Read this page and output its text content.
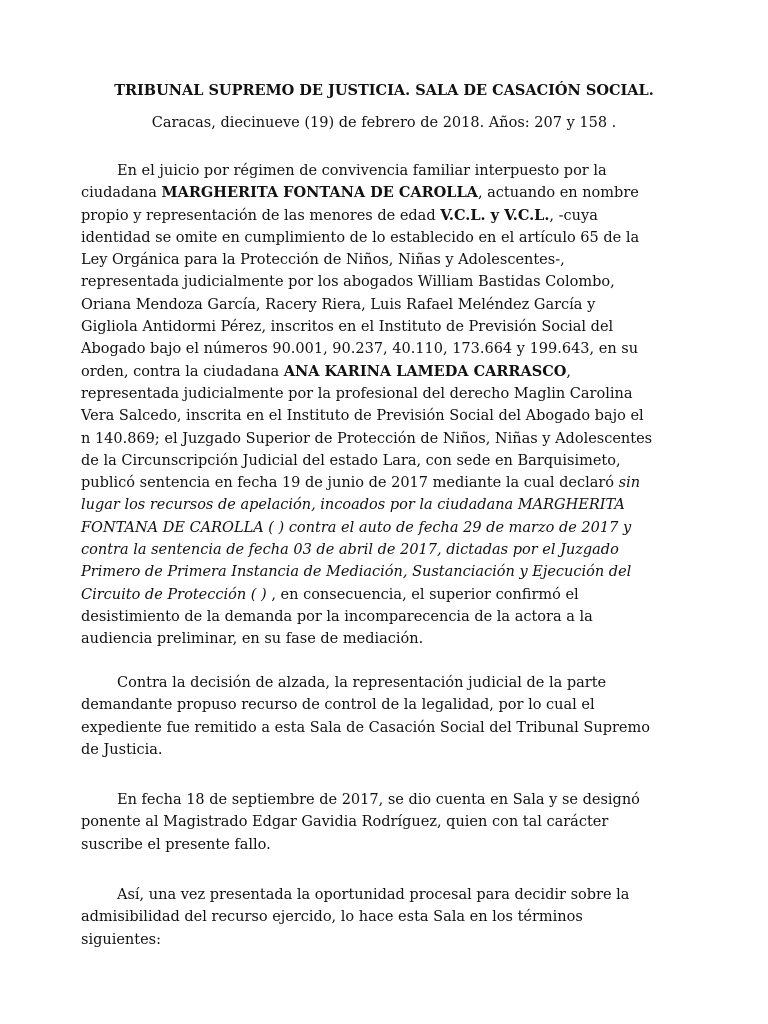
TRIBUNAL SUPREMO DE JUSTICIA. SALA DE CASACIÓN SOCIAL.
Caracas, diecinueve (19) de febrero de 2018. Años: 207 y 158 .
En el juicio por régimen de convivencia familiar interpuesto por la
ciudadana MARGHERITA FONTANA DE CAROLLA, actuando en nombre
propio y representación de las menores de edad V.C.L. y V.C.L., -cuya
identidad se omite en cumplimiento de lo establecido en el artículo 65 de la
Ley Orgánica para la Protección de Niños, Niñas y Adolescentes-,
representada judicialmente por los abogados William Bastidas Colombo,
Oriana Mendoza García, Racery Riera, Luis Rafael Meléndez García y
Gigliola Antidormi Pérez, inscritos en el Instituto de Previsión Social del
Abogado bajo el números 90.001, 90.237, 40.110, 173.664 y 199.643, en su
orden, contra la ciudadana ANA KARINA LAMEDA CARRASCO,
representada judicialmente por la profesional del derecho Maglin Carolina
Vera Salcedo, inscrita en el Instituto de Previsión Social del Abogado bajo el
n 140.869; el Juzgado Superior de Protección de Niños, Niñas y Adolescentes
de la Circunscripción Judicial del estado Lara, con sede en Barquisimeto,
publicó sentencia en fecha 19 de junio de 2017 mediante la cual declaró sin
lugar los recursos de apelación, incoados por la ciudadana MARGHERITA
FONTANA DE CAROLLA ( ) contra el auto de fecha 29 de marzo de 2017 y
contra la sentencia de fecha 03 de abril de 2017, dictadas por el Juzgado
Primero de Primera Instancia de Mediación, Sustanciación y Ejecución del
Circuito de Protección ( ) , en consecuencia, el superior confirmó el
desistimiento de la demanda por la incomparecencia de la actora a la
audiencia preliminar, en su fase de mediación.
Contra la decisión de alzada, la representación judicial de la parte
demandante propuso recurso de control de la legalidad, por lo cual el
expediente fue remitido a esta Sala de Casación Social del Tribunal Supremo
de Justicia.
En fecha 18 de septiembre de 2017, se dio cuenta en Sala y se designó
ponente al Magistrado Edgar Gavidia Rodríguez, quien con tal carácter
suscribe el presente fallo.
Así, una vez presentada la oportunidad procesal para decidir sobre la
admisibilidad del recurso ejercido, lo hace esta Sala en los términos
siguientes:
